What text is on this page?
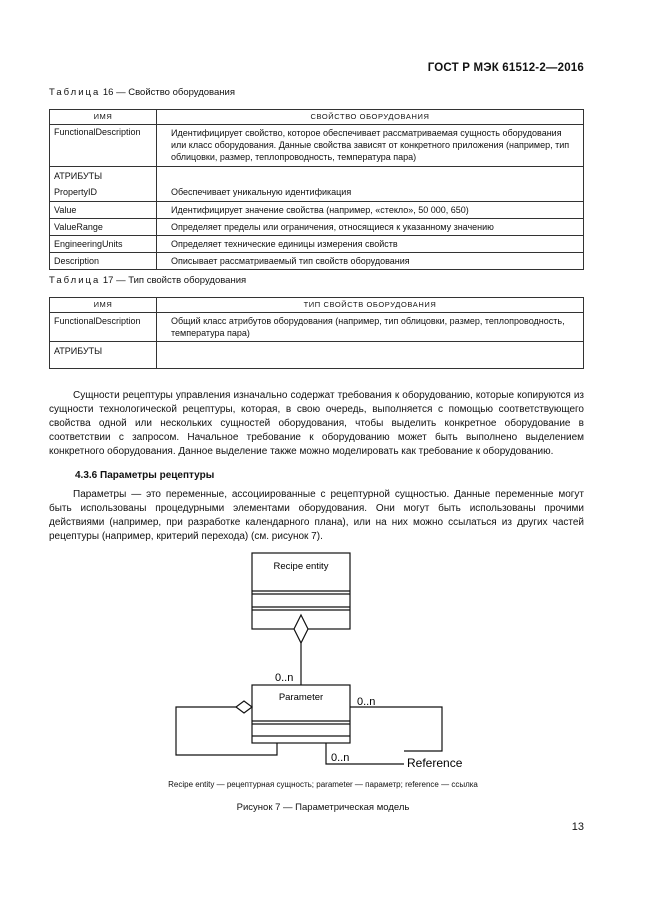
ГОСТ Р МЭК 61512-2—2016
Таблица 16 — Свойство оборудования
ИМЯ	СВОЙСТВО ОБОРУДОВАНИЯ
FunctionalDescription	Идентифицирует свойство, которое обеспечивает рассматриваемая сущность оборудования или класс оборудования. Данные свойства зависят от конкретного приложения (например, тип облицовки, размер, теплопроводность, температура пара)
АТРИБУТЫ	
PropertyID	Обеспечивает уникальную идентификация
Value	Идентифицирует значение свойства (например, «стекло», 50 000, 650)
ValueRange	Определяет пределы или ограничения, относящиеся к указанному значению
EngineeringUnits	Определяет технические единицы измерения свойств
Description	Описывает рассматриваемый тип свойств оборудования
Таблица 17 — Тип свойств оборудования
ИМЯ	ТИП СВОЙСТВ ОБОРУДОВАНИЯ
FunctionalDescription	Общий класс атрибутов оборудования (например, тип облицовки, размер, теплопроводность, температура пара)
АТРИБУТЫ	
Сущности рецептуры управления изначально содержат требования к оборудованию, которые копируются из сущности технологической рецептуры, которая, в свою очередь, выполняется с помощью соответствующего свойства одной или нескольких сущностей оборудования, чтобы выделить конкретное оборудование в соответствии с запросом. Начальное требование к оборудованию может быть выполнено выделением конкретного оборудования. Данное выделение также можно моделировать как требование к оборудованию.
4.3.6 Параметры рецептуры
Параметры — это переменные, ассоциированные с рецептурной сущностью. Данные переменные могут быть использованы процедурными элементами оборудования. Они могут быть использованы прочими действиями (например, при разработке календарного плана), или на них можно ссылаться из других частей рецептуры (например, критерий перехода) (см. рисунок 7).
Recipe entity
0..n
Parameter	0..n
0..n	Reference
Recipe entity — рецептурная сущность; parameter — параметр; reference — ссылка
Рисунок 7 — Параметрическая модель
13
